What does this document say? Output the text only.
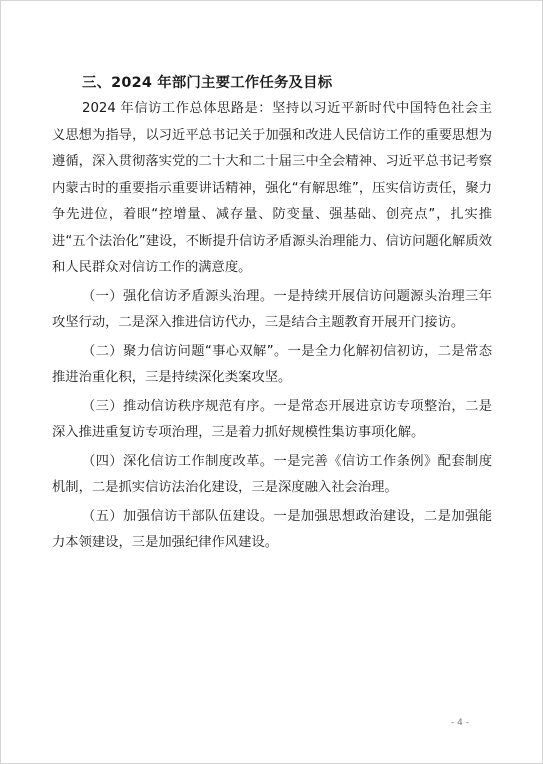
三、2024 年部门主要工作任务及目标

2024 年信访工作总体思路是：坚持以习近平新时代中国特色社会主义思想为指导，以习近平总书记关于加强和改进人民信访工作的重要思想为遵循，深入贯彻落实党的二十大和二十届三中全会精神、习近平总书记考察内蒙古时的重要指示重要讲话精神，强化“有解思维”，压实信访责任，聚力争先进位，着眼“控增量、减存量、防变量、强基础、创亮点”，扎实推进“五个法治化”建设，不断提升信访矛盾源头治理能力、信访问题化解质效和人民群众对信访工作的满意度。

（一）强化信访矛盾源头治理。一是持续开展信访问题源头治理三年攻坚行动，二是深入推进信访代办，三是结合主题教育开展开门接访。

（二）聚力信访问题“事心双解”。一是全力化解初信初访，二是常态推进治重化积，三是持续深化类案攻坚。

（三）推动信访秩序规范有序。一是常态开展进京访专项整治，二是深入推进重复访专项治理，三是着力抓好规模性集访事项化解。

（四）深化信访工作制度改革。一是完善《信访工作条例》配套制度机制，二是抓实信访法治化建设，三是深度融入社会治理。

（五）加强信访干部队伍建设。一是加强思想政治建设，二是加强能力本领建设，三是加强纪律作风建设。

- 4 -
